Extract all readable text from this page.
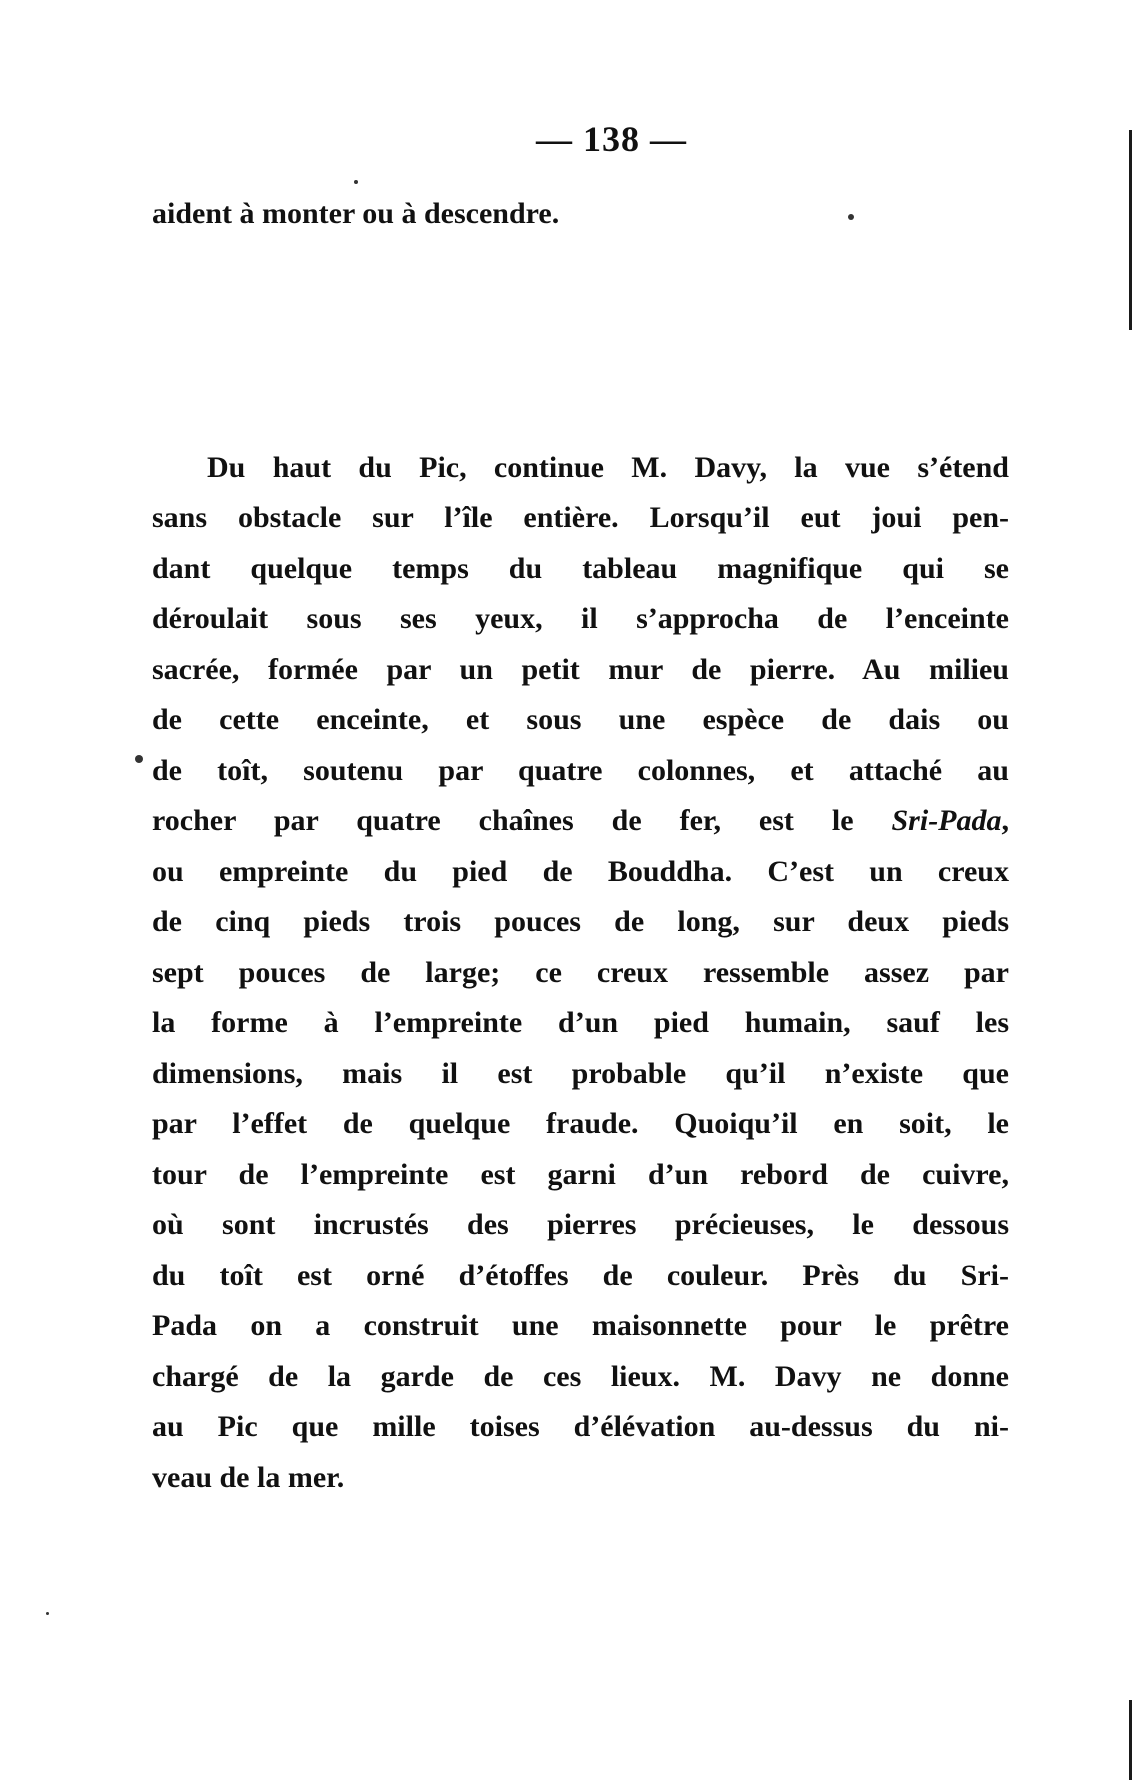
— 138 —
aident à monter ou à descendre.
Du haut du Pic, continue M. Davy, la vue s’étend
sans obstacle sur l’île entière. Lorsqu’il eut joui pen-
dant quelque temps du tableau magnifique qui se
déroulait sous ses yeux, il s’approcha de l’enceinte
sacrée, formée par un petit mur de pierre. Au milieu
de cette enceinte, et sous une espèce de dais ou
de toît, soutenu par quatre colonnes, et attaché au
rocher par quatre chaînes de fer, est le Sri-Pada,
ou empreinte du pied de Bouddha. C’est un creux
de cinq pieds trois pouces de long, sur deux pieds
sept pouces de large; ce creux ressemble assez par
la forme à l’empreinte d’un pied humain, sauf les
dimensions, mais il est probable qu’il n’existe que
par l’effet de quelque fraude. Quoiqu’il en soit, le
tour de l’empreinte est garni d’un rebord de cuivre,
où sont incrustés des pierres précieuses, le dessous
du toît est orné d’étoffes de couleur. Près du Sri-
Pada on a construit une maisonnette pour le prêtre
chargé de la garde de ces lieux. M. Davy ne donne
au Pic que mille toises d’élévation au-dessus du ni-
veau de la mer.
